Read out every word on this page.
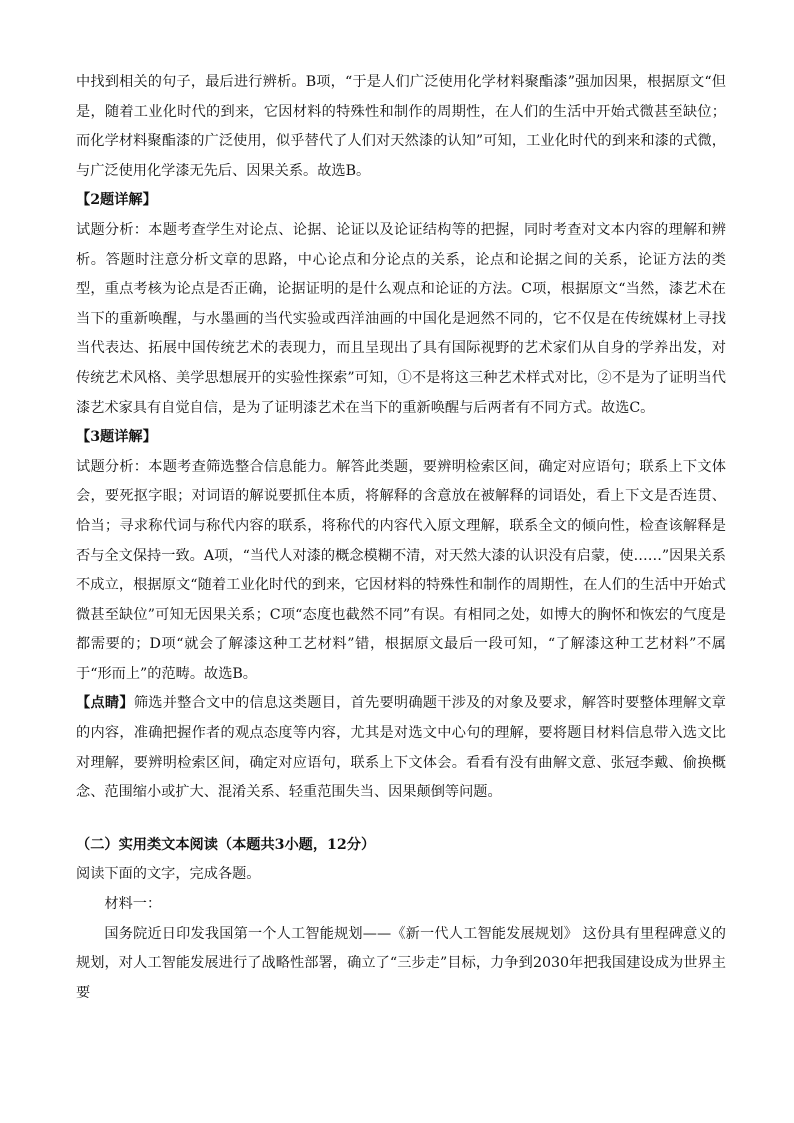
中找到相关的句子，最后进行辨析。B项，“于是人们广泛使用化学材料聚酯漆”强加因果，根据原文“但是，随着工业化时代的到来，它因材料的特殊性和制作的周期性，在人们的生活中开始式微甚至缺位；而化学材料聚酯漆的广泛使用，似乎替代了人们对天然漆的认知”可知，工业化时代的到来和漆的式微，与广泛使用化学漆无先后、因果关系。故选B。

【2题详解】

试题分析：本题考查学生对论点、论据、论证以及论证结构等的把握，同时考查对文本内容的理解和辨析。答题时注意分析文章的思路，中心论点和分论点的关系，论点和论据之间的关系，论证方法的类型，重点考核为论点是否正确，论据证明的是什么观点和论证的方法。C项，根据原文“当然，漆艺术在当下的重新唤醒，与水墨画的当代实验或西洋油画的中国化是迥然不同的，它不仅是在传统媒材上寻找当代表达、拓展中国传统艺术的表现力，而且呈现出了具有国际视野的艺术家们从自身的学养出发，对传统艺术风格、美学思想展开的实验性探索”可知，①不是将这三种艺术样式对比，②不是为了证明当代漆艺术家具有自觉自信，是为了证明漆艺术在当下的重新唤醒与后两者有不同方式。故选C。

【3题详解】

试题分析：本题考查筛选整合信息能力。解答此类题，要辨明检索区间，确定对应语句；联系上下文体会，要死抠字眼；对词语的解说要抓住本质，将解释的含意放在被解释的词语处，看上下文是否连贯、恰当；寻求称代词与称代内容的联系，将称代的内容代入原文理解，联系全文的倾向性，检查该解释是否与全文保持一致。A项，“当代人对漆的概念模糊不清，对天然大漆的认识没有启蒙，使……”因果关系不成立，根据原文“随着工业化时代的到来，它因材料的特殊性和制作的周期性，在人们的生活中开始式微甚至缺位”可知无因果关系；C项“态度也截然不同”有误。有相同之处，如博大的胸怀和恢宏的气度是都需要的；D项“就会了解漆这种工艺材料”错，根据原文最后一段可知，“了解漆这种工艺材料”不属于“形而上”的范畴。故选B。

【点睛】筛选并整合文中的信息这类题目，首先要明确题干涉及的对象及要求，解答时要整体理解文章的内容，准确把握作者的观点态度等内容，尤其是对选文中心句的理解，要将题目材料信息带入选文比对理解，要辨明检索区间，确定对应语句，联系上下文体会。看看有没有曲解文意、张冠李戴、偷换概念、范围缩小或扩大、混淆关系、轻重范围失当、因果颠倒等问题。

（二）实用类文本阅读（本题共3小题，12分）

阅读下面的文字，完成各题。

材料一：

国务院近日印发我国第一个人工智能规划——《新一代人工智能发展规划》 这份具有里程碑意义的规划，对人工智能发展进行了战略性部署，确立了“三步走”目标，力争到2030年把我国建设成为世界主要
